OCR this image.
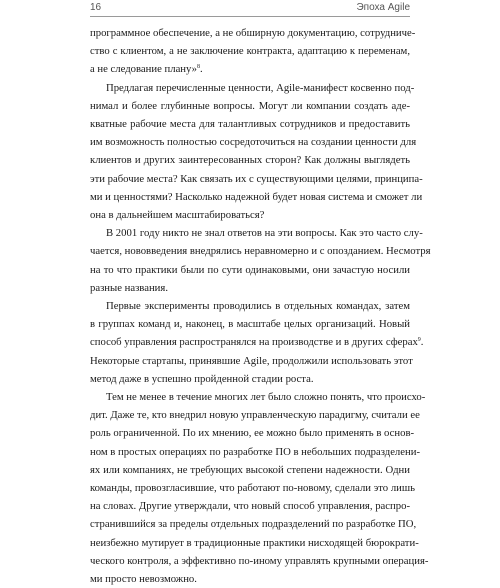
16	Эпоха Agile

программное обеспечение, а не обширную документацию, сотрудниче-
ство с клиентом, а не заключение контракта, адаптацию к переменам,
а не следование плану»$^8$.

Предлагая перечисленные ценности, Agile-манифест косвенно под-
нимал и более глубинные вопросы. Могут ли компании создать аде-
кватные рабочие места для талантливых сотрудников и предоставить
им возможность полностью сосредоточиться на создании ценности для
клиентов и других заинтересованных сторон? Как должны выглядеть
эти рабочие места? Как связать их с существующими целями, принципа-
ми и ценностями? Насколько надежной будет новая система и сможет ли
она в дальнейшем масштабироваться?

В 2001 году никто не знал ответов на эти вопросы. Как это часто слу-
чается, нововведения внедрялись неравномерно и с опозданием. Несмотря
на то что практики были по сути одинаковыми, они зачастую носили
разные названия.

Первые эксперименты проводились в отдельных командах, затем
в группах команд и, наконец, в масштабе целых организаций. Новый
способ управления распространялся на производстве и в других сферах$^9$.
Некоторые стартапы, принявшие Agile, продолжили использовать этот
метод даже в успешно пройденной стадии роста.

Тем не менее в течение многих лет было сложно понять, что происхо-
дит. Даже те, кто внедрил новую управленческую парадигму, считали ее
роль ограниченной. По их мнению, ее можно было применять в основ-
ном в простых операциях по разработке ПО в небольших подразделени-
ях или компаниях, не требующих высокой степени надежности. Одни
команды, провозгласившие, что работают по-новому, сделали это лишь
на словах. Другие утверждали, что новый способ управления, распро-
странившийся за пределы отдельных подразделений по разработке ПО,
неизбежно мутирует в традиционные практики нисходящей бюрократи-
ческого контроля, а эффективно по-иному управлять крупными операция-
ми просто невозможно.
